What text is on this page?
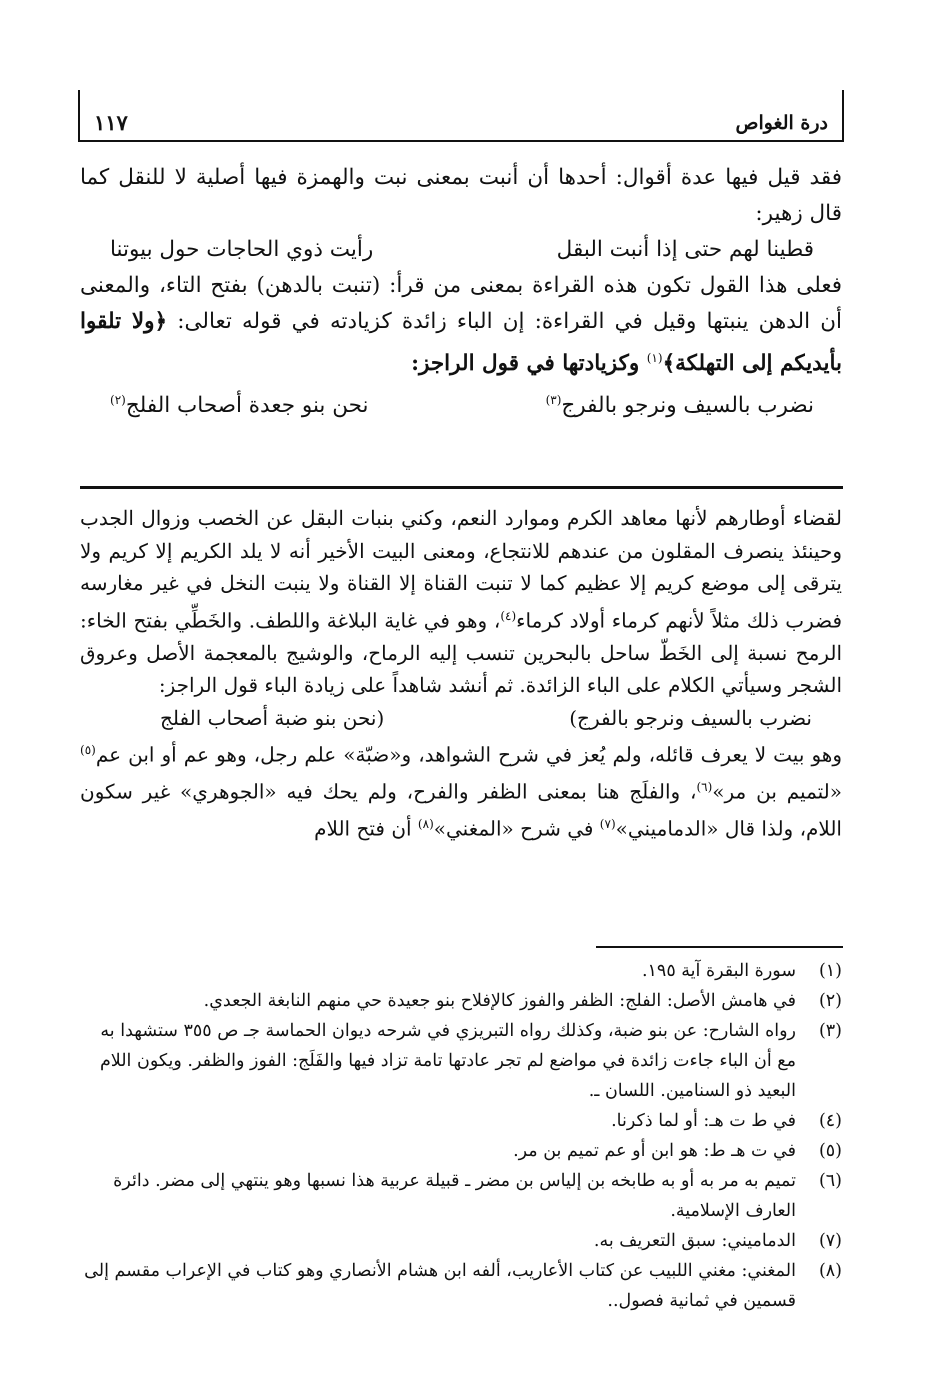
درة الغواص
١١٧

فقد قيل فيها عدة أقوال: أحدها أن أنبت بمعنى نبت والهمزة فيها أصلية لا للنقل كما قال زهير:

رأيت ذوي الحاجات حول بيوتنا	قطينا لهم حتى إذا أنبت البقل

فعلى هذا القول تكون هذه القراءة بمعنى من قرأ: (تنبت بالدهن) بفتح التاء، والمعنى أن الدهن ينبتها وقيل في القراءة: إن الباء زائدة كزيادته في قوله تعالى: ﴿ولا تلقوا بأيديكم إلى التهلكة﴾$^{(١)}$ وكزيادتها في قول الراجز:

نحن بنو جعدة أصحاب الفلج$^{(٢)}$	نضرب بالسيف ونرجو بالفرج$^{(٣)}$

لقضاء أوطارهم لأنها معاهد الكرم وموارد النعم، وكني بنبات البقل عن الخصب وزوال الجدب وحينئذ ينصرف المقلون من عندهم للانتجاع، ومعنى البيت الأخير أنه لا يلد الكريم إلا كريم ولا يترقى إلى موضع كريم إلا عظيم كما لا تنبت القناة إلا القناة ولا ينبت النخل في غير مغارسه فضرب ذلك مثلاً لأنهم كرماء أولاد كرماء$^{(٤)}$، وهو في غاية البلاغة واللطف. والخَطِّي بفتح الخاء: الرمح نسبة إلى الخَطّ ساحل بالبحرين تنسب إليه الرماح، والوشيج بالمعجمة الأصل وعروق الشجر وسيأتي الكلام على الباء الزائدة. ثم أنشد شاهداً على زيادة الباء قول الراجز:

(نحن بنو ضبة أصحاب الفلج	نضرب بالسيف ونرجو بالفرج)

وهو بيت لا يعرف قائله، ولم يُعز في شرح الشواهد، و«ضبّة» علم رجل، وهو عم أو ابن عم$^{(٥)}$ «لتميم بن مر»$^{(٦)}$، والفلَج هنا بمعنى الظفر والفرح، ولم يحك فيه «الجوهري» غير سكون اللام، ولذا قال «الدماميني»$^{(٧)}$ في شرح «المغني»$^{(٨)}$ أن فتح اللام

(١)
سورة البقرة آية ١٩٥.
(٢)
في هامش الأصل: الفلج: الظفر والفوز كالإفلاح بنو جعيدة حي منهم النابغة الجعدي.
(٣)
رواه الشارح: عن بنو ضبة، وكذلك رواه التبريزي في شرحه ديوان الحماسة جـ ص ٣٥٥ ستشهدا به مع أن الباء جاءت زائدة في مواضع لم تجر عادتها تامة تزاد فيها والفَلَج: الفوز والظفر. ويكون اللام البعيد ذو السنامين. اللسان ـ.
(٤)
في ط ت هـ: أو لما ذكرنا.
(٥)
في ت هـ ط: هو ابن أو عم تميم بن مر.
(٦)
تميم به مر به أو به طابخه بن إلياس بن مضر ـ قبيلة عربية هذا نسبها وهو ينتهي إلى مضر. دائرة العارف الإسلامية.
(٧)
الدماميني: سبق التعريف به.
(٨)
المغني: مغني اللبيب عن كتاب الأعاريب، ألفه ابن هشام الأنصاري وهو كتاب في الإعراب مقسم إلى قسمين في ثمانية فصول..
